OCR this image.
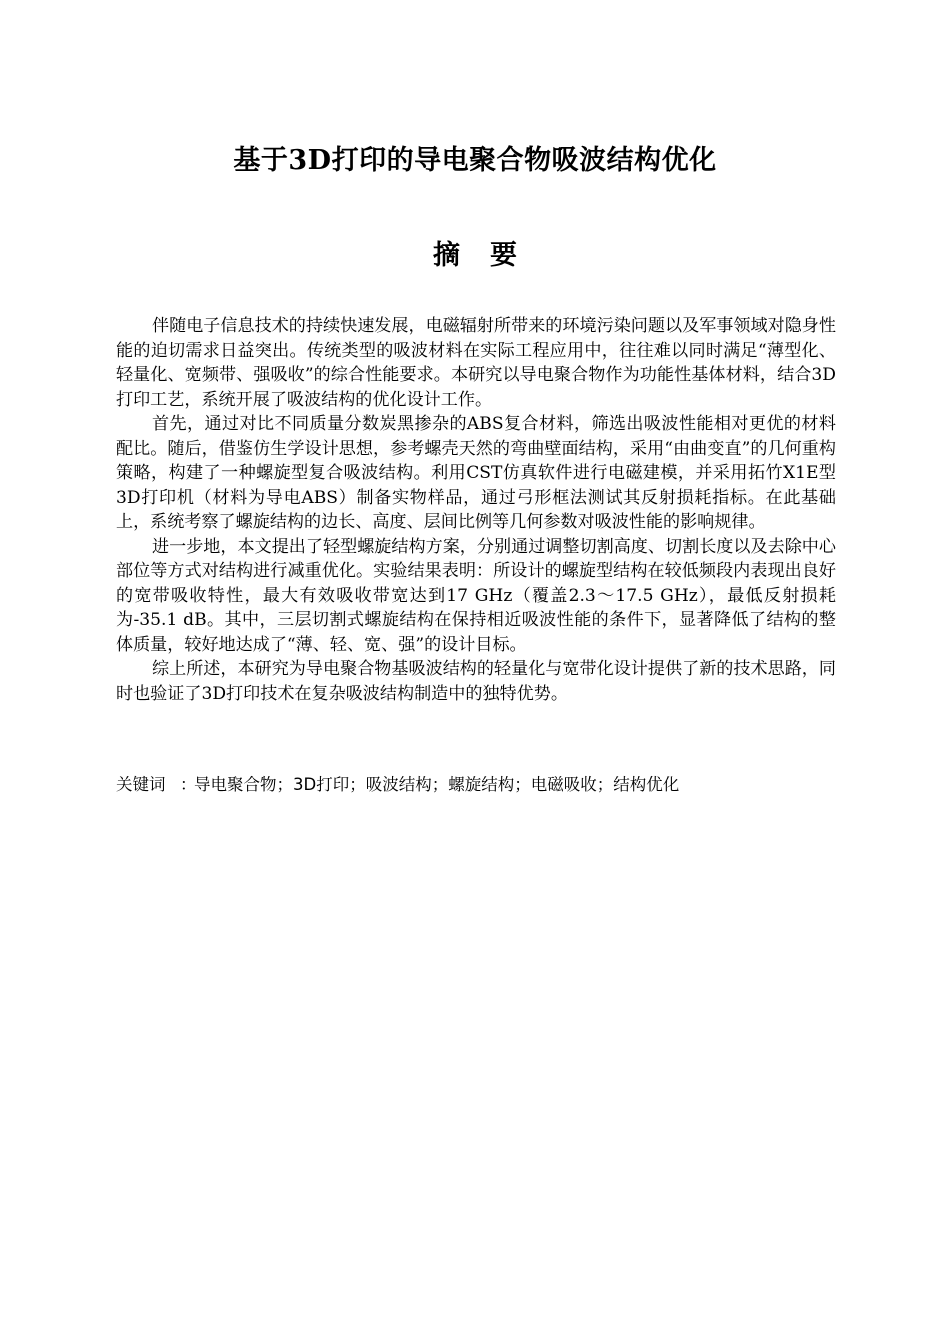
基于3D打印的导电聚合物吸波结构优化
摘要

伴随电子信息技术的持续快速发展，电磁辐射所带来的环境污染问题以及军事领域对隐身性能的迫切需求日益突出。传统类型的吸波材料在实际工程应用中，往往难以同时满足“薄型化、轻量化、宽频带、强吸收”的综合性能要求。本研究以导电聚合物作为功能性基体材料，结合3D打印工艺，系统开展了吸波结构的优化设计工作。

首先，通过对比不同质量分数炭黑掺杂的ABS复合材料，筛选出吸波性能相对更优的材料配比。随后，借鉴仿生学设计思想，参考螺壳天然的弯曲壁面结构，采用“由曲变直”的几何重构策略，构建了一种螺旋型复合吸波结构。利用CST仿真软件进行电磁建模，并采用拓竹X1E型3D打印机（材料为导电ABS）制备实物样品，通过弓形框法测试其反射损耗指标。在此基础上，系统考察了螺旋结构的边长、高度、层间比例等几何参数对吸波性能的影响规律。

进一步地，本文提出了轻型螺旋结构方案，分别通过调整切割高度、切割长度以及去除中心部位等方式对结构进行减重优化。实验结果表明：所设计的螺旋型结构在较低频段内表现出良好的宽带吸收特性，最大有效吸收带宽达到17 GHz（覆盖2.3～17.5 GHz），最低反射损耗为-35.1 dB。其中，三层切割式螺旋结构在保持相近吸波性能的条件下，显著降低了结构的整体质量，较好地达成了“薄、轻、宽、强”的设计目标。

综上所述，本研究为导电聚合物基吸波结构的轻量化与宽带化设计提供了新的技术思路，同时也验证了3D打印技术在复杂吸波结构制造中的独特优势。

关键词 ：导电聚合物；3D打印；吸波结构；螺旋结构；电磁吸收；结构优化
